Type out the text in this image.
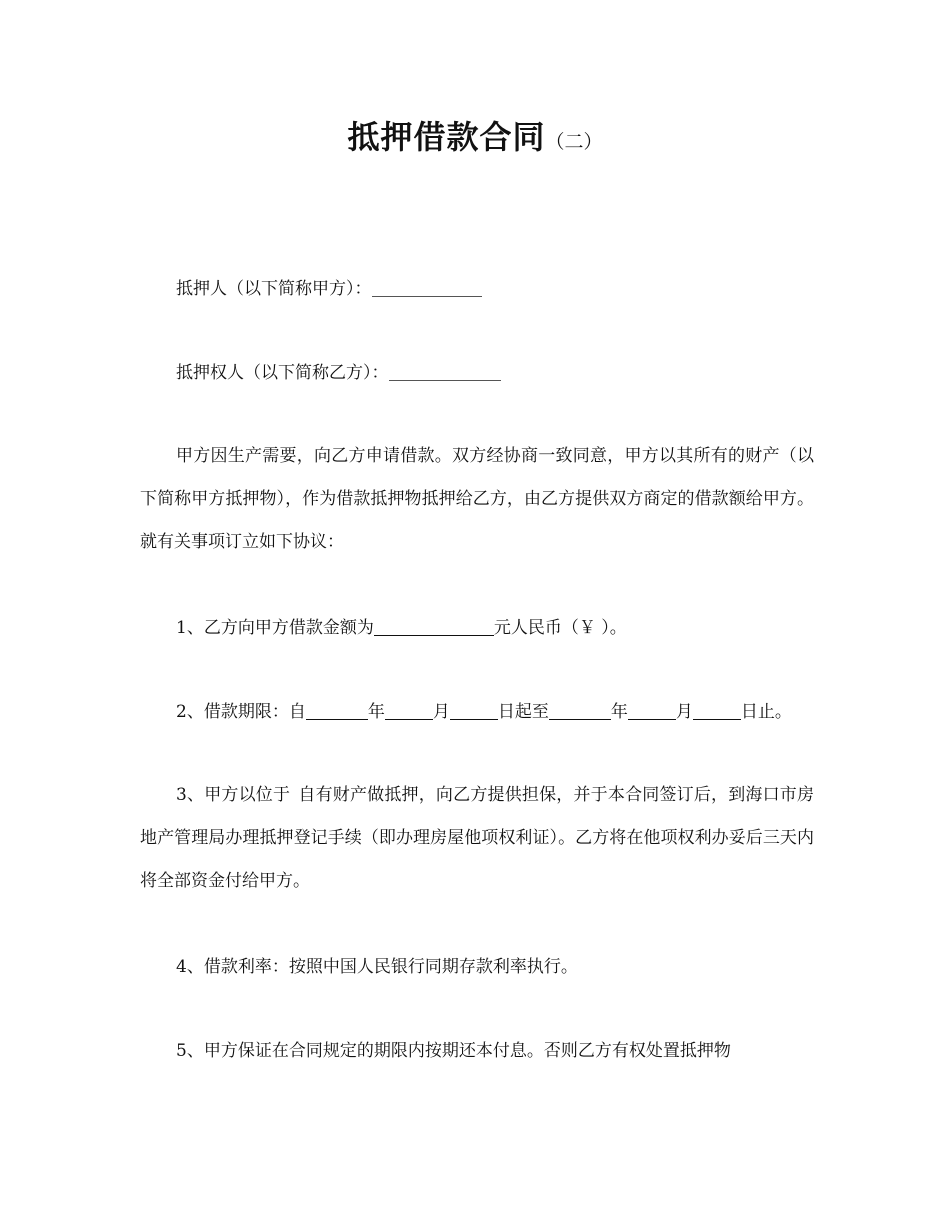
抵押借款合同（二）

抵押人（以下简称甲方）：

抵押权人（以下简称乙方）：

甲方因生产需要，向乙方申请借款。双方经协商一致同意，甲方以其所有的财产（以下简称甲方抵押物），作为借款抵押物抵押给乙方，由乙方提供双方商定的借款额给甲方。就有关事项订立如下协议：

1、乙方向甲方借款金额为	元人民币（￥ ）。

2、借款期限：自	年	月	日起至	年	月	日止。

3、甲方以位于 自有财产做抵押，向乙方提供担保，并于本合同签订后，到海口市房地产管理局办理抵押登记手续（即办理房屋他项权利证）。乙方将在他项权利办妥后三天内将全部资金付给甲方。

4、借款利率：按照中国人民银行同期存款利率执行。

5、甲方保证在合同规定的期限内按期还本付息。否则乙方有权处置抵押物
